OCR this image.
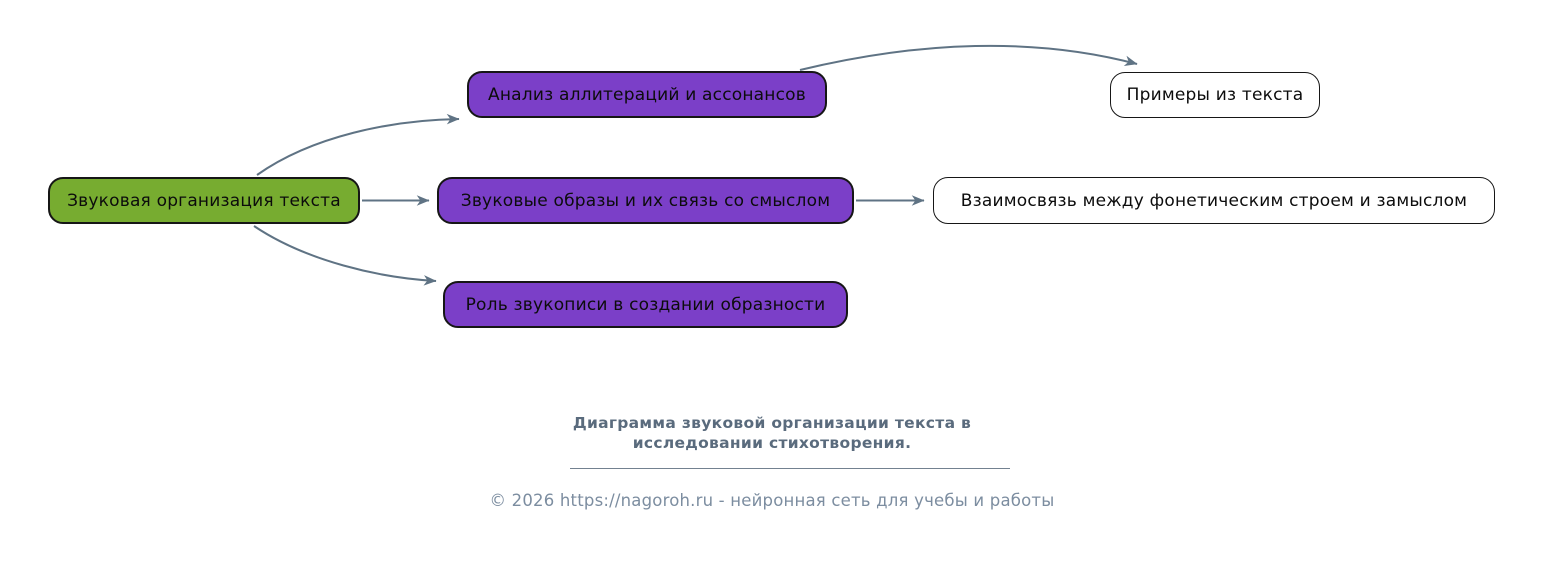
Звуковая организация текста
Анализ аллитераций и ассонансов
Звуковые образы и их связь со смыслом
Роль звукописи в создании образности
Примеры из текста
Взаимосвязь между фонетическим строем и замыслом
Диаграмма звуковой организации текста в
исследовании стихотворения.
© 2026 https://nagoroh.ru - нейронная сеть для учебы и работы
